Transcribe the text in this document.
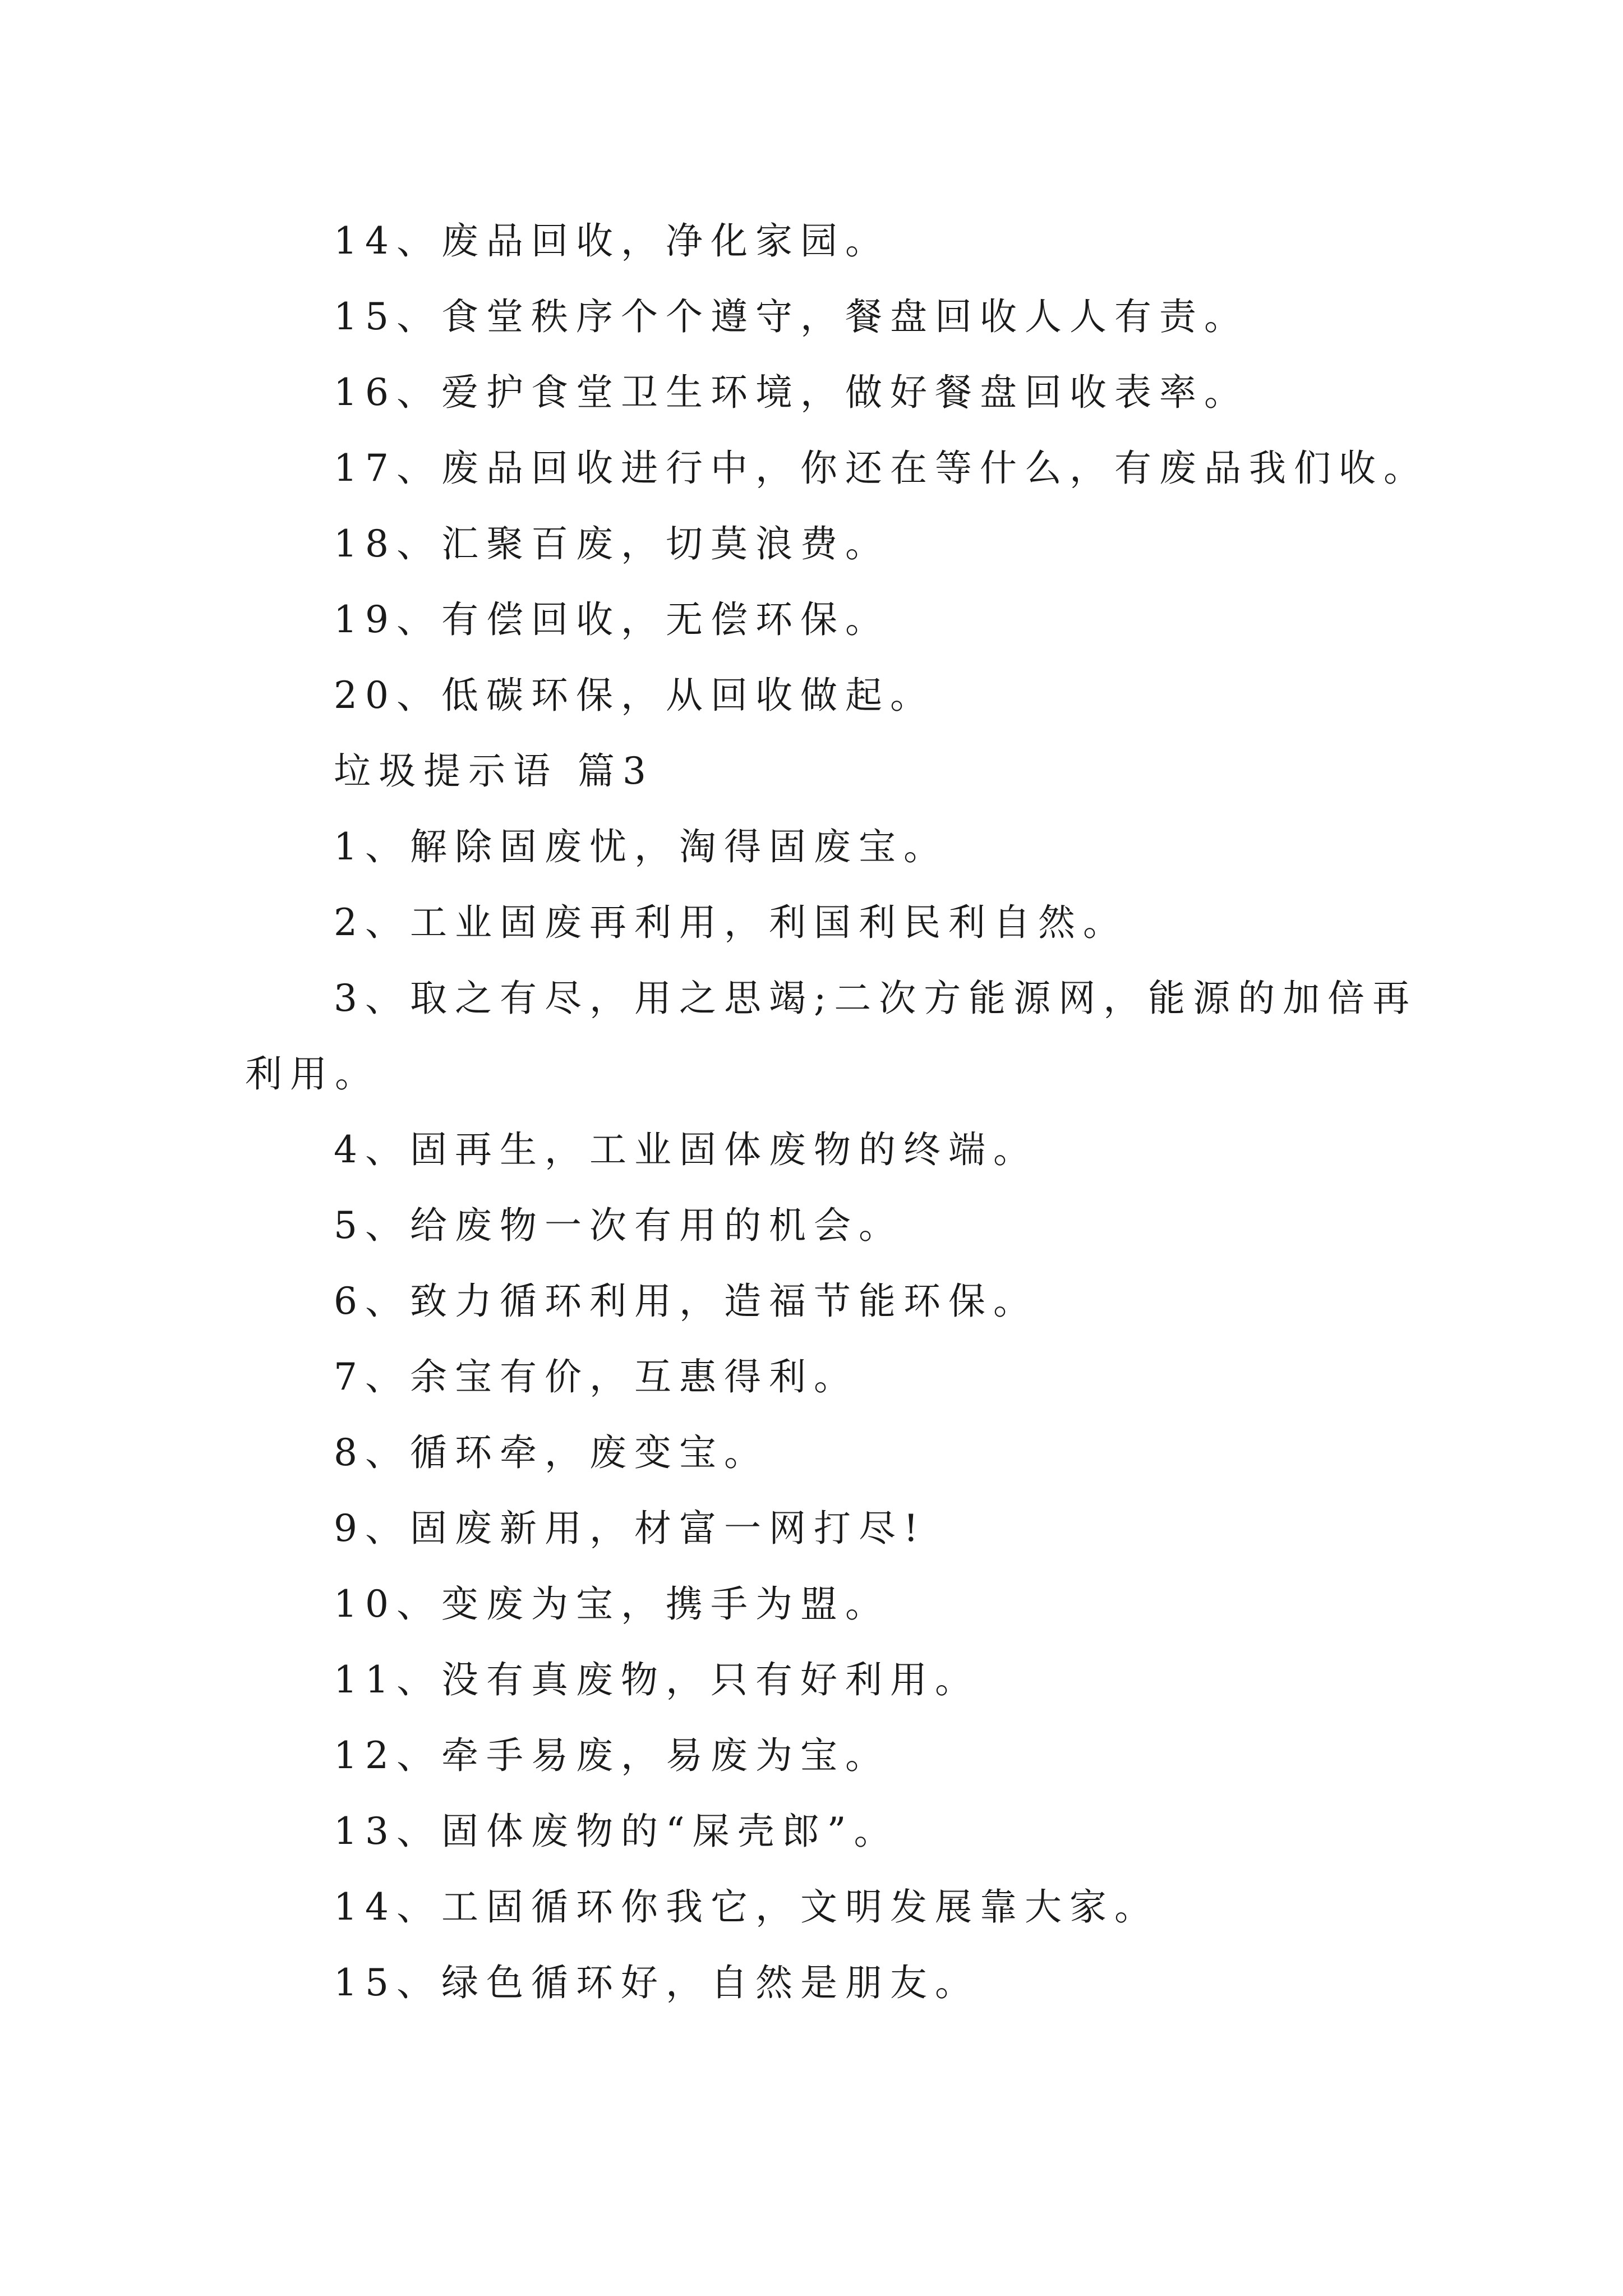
14、废品回收，净化家园。
15、食堂秩序个个遵守，餐盘回收人人有责。
16、爱护食堂卫生环境，做好餐盘回收表率。
17、废品回收进行中，你还在等什么，有废品我们收。
18、汇聚百废，切莫浪费。
19、有偿回收，无偿环保。
20、低碳环保，从回收做起。
垃圾提示语 篇3
1、解除固废忧，淘得固废宝。
2、工业固废再利用，利国利民利自然。
3、取之有尽，用之思竭;二次方能源网，能源的加倍再
利用。
4、固再生，工业固体废物的终端。
5、给废物一次有用的机会。
6、致力循环利用，造福节能环保。
7、余宝有价，互惠得利。
8、循环牵，废变宝。
9、固废新用，材富一网打尽!
10、变废为宝，携手为盟。
11、没有真废物，只有好利用。
12、牵手易废，易废为宝。
13、固体废物的“屎壳郎”。
14、工固循环你我它，文明发展靠大家。
15、绿色循环好，自然是朋友。
